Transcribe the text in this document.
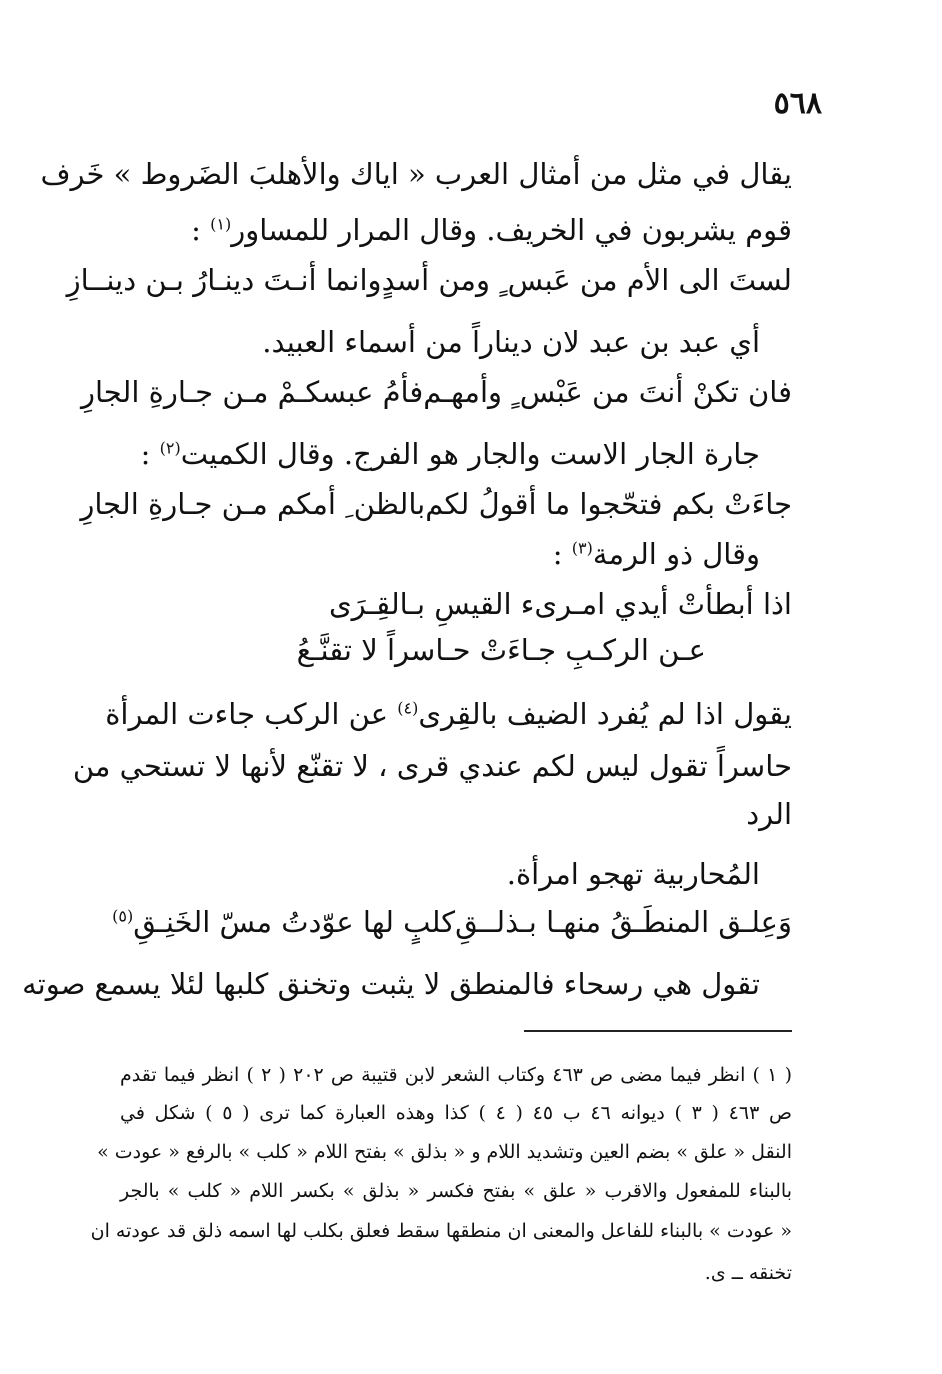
٥٦٨
يقال في مثل من أمثال العرب « اياك والأهلبَ الضَروط » خَرف
قوم يشربون في الخريف. وقال المرار للمساور$^{(١)}$ :
لستَ الى الأم من عَبس ٍ ومن أسدٍ
وانما أنـتَ دينـارُ بـن دينــازِ
أي عبد بن عبد لان ديناراً من أسماء العبيد.
فان تكنْ أنتَ من عَبْس ٍ وأمهـم
فأمُ عبسكـمْ مـن جـارةِ الجارِ
جارة الجار الاست والجار هو الفرج. وقال الكميت$^{(٢)}$ :
جاءَتْ بكم فتحّجوا ما أقولُ لكم
بالظن ِ أمكم مـن جـارةِ الجارِ
وقال ذو الرمة$^{(٣)}$ :
اذا أبطأتْ أيدي امـرىء القيسِ بـالقِـرَى
عـن الركـبِ جـاءَتْ حـاسراً لا تقنَّـعُ
يقول اذا لم يُفرد الضيف بالقِرى$^{(٤)}$ عن الركب جاءت المرأة
حاسراً تقول ليس لكم عندي قرى ، لا تقنّع لأنها لا تستحي من
الرد
المُحاربية تهجو امرأة.
وَعِلـق المنطَـقُ منهـا بـذلــقِ
كلبٍ لها عوّدتُ مسّ الخَنِـقِ$^{(٥)}$
تقول هي رسحاء فالمنطق لا يثبت وتخنق كلبها لئلا يسمع صوته
( ١ ) انظر فيما مضى ص ٤٦٣ وكتاب الشعر لابن قتيبة ص ٢٠٢ ( ٢ ) انظر فيما تقدم
ص ٤٦٣ ( ٣ ) ديوانه ٤٦ ب ٤٥ ( ٤ ) كذا وهذه العبارة كما ترى ( ٥ ) شكل في
النقل « علق » بضم العين وتشديد اللام و « بذلق » بفتح اللام « كلب » بالرفع « عودت »
بالبناء للمفعول والاقرب « علق » بفتح فكسر « بذلق » بكسر اللام « كلب » بالجر
« عودت » بالبناء للفاعل والمعنى ان منطقها سقط فعلق بكلب لها اسمه ذلق قد عودته ان
تخنقه ــ ى.
